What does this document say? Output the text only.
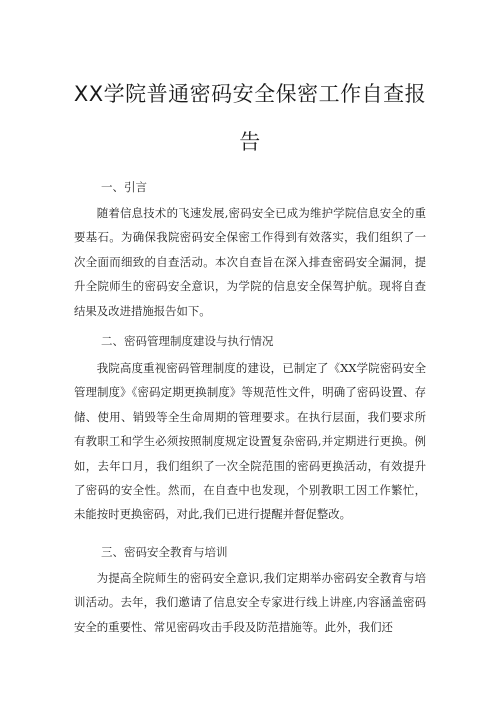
XX学院普通密码安全保密工作自查报
告
一、引言

随着信息技术的飞速发展,密码安全已成为维护学院信息安全的重要基石。为确保我院密码安全保密工作得到有效落实，我们组织了一次全面而细致的自查活动。本次自查旨在深入排查密码安全漏洞，提升全院师生的密码安全意识，为学院的信息安全保驾护航。现将自查结果及改进措施报告如下。

二、密码管理制度建设与执行情况

我院高度重视密码管理制度的建设，已制定了《XX学院密码安全管理制度》《密码定期更换制度》等规范性文件，明确了密码设置、存储、使用、销毁等全生命周期的管理要求。在执行层面，我们要求所有教职工和学生必须按照制度规定设置复杂密码,并定期进行更换。例如，去年口月，我们组织了一次全院范围的密码更换活动，有效提升了密码的安全性。然而，在自查中也发现，个别教职工因工作繁忙，未能按时更换密码，对此,我们已进行提醒并督促整改。

三、密码安全教育与培训

为提高全院师生的密码安全意识,我们定期举办密码安全教育与培训活动。去年，我们邀请了信息安全专家进行线上讲座,内容涵盖密码安全的重要性、常见密码攻击手段及防范措施等。此外，我们还
